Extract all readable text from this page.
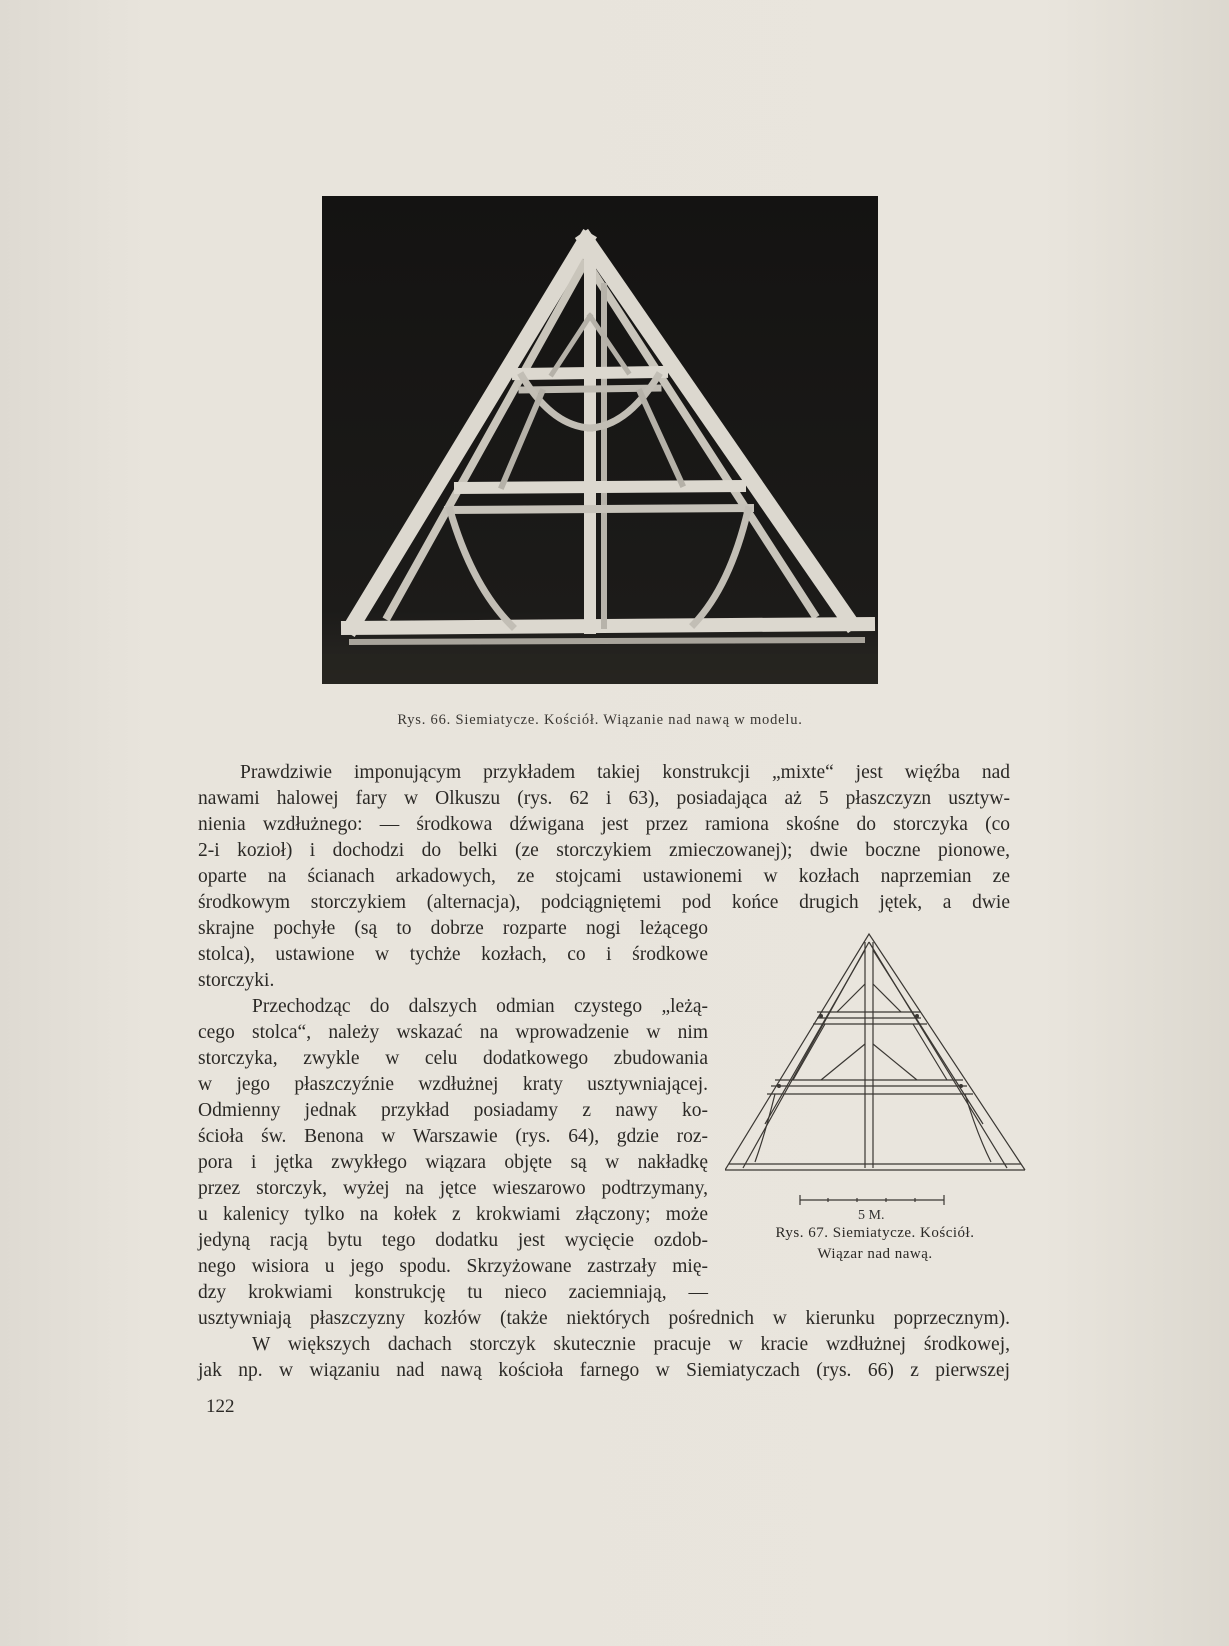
Rys. 66. Siemiatycze. Kościół. Wiązanie nad nawą w modelu.
Prawdziwie imponującym przykładem takiej konstrukcji „mixte“ jest więźba nad
nawami halowej fary w Olkuszu (rys. 62 i 63), posiadająca aż 5 płaszczyzn usztyw-
nienia wzdłużnego: — środkowa dźwigana jest przez ramiona skośne do storczyka (co
2-i kozioł) i dochodzi do belki (ze storczykiem zmieczowanej); dwie boczne pionowe,
oparte na ścianach arkadowych, ze stojcami ustawionemi w kozłach naprzemian ze
środkowym storczykiem (alternacja), podciągniętemi pod końce drugich jętek, a dwie
skrajne pochyłe (są to dobrze rozparte nogi leżącego
stolca), ustawione w tychże kozłach, co i środkowe
storczyki.
Przechodząc do dalszych odmian czystego „leżą-
cego stolca“, należy wskazać na wprowadzenie w nim
storczyka, zwykle w celu dodatkowego zbudowania
w jego płaszczyźnie wzdłużnej kraty usztywniającej.
Odmienny jednak przykład posiadamy z nawy ko-
ścioła św. Benona w Warszawie (rys. 64), gdzie roz-
pora i jętka zwykłego wiązara objęte są w nakładkę
przez storczyk, wyżej na jętce wieszarowo podtrzymany,
u kalenicy tylko na kołek z krokwiami złączony; może
jedyną racją bytu tego dodatku jest wycięcie ozdob-
nego wisiora u jego spodu. Skrzyżowane zastrzały mię-
dzy krokwiami konstrukcję tu nieco zaciemniają, —
usztywniają płaszczyzny kozłów (także niektórych pośrednich w kierunku poprzecznym).
W większych dachach storczyk skutecznie pracuje w kracie wzdłużnej środkowej,
jak np. w wiązaniu nad nawą kościoła farnego w Siemiatyczach (rys. 66) z pierwszej
5 M.
Rys. 67. Siemiatycze. Kościół.
Wiązar nad nawą.
122
